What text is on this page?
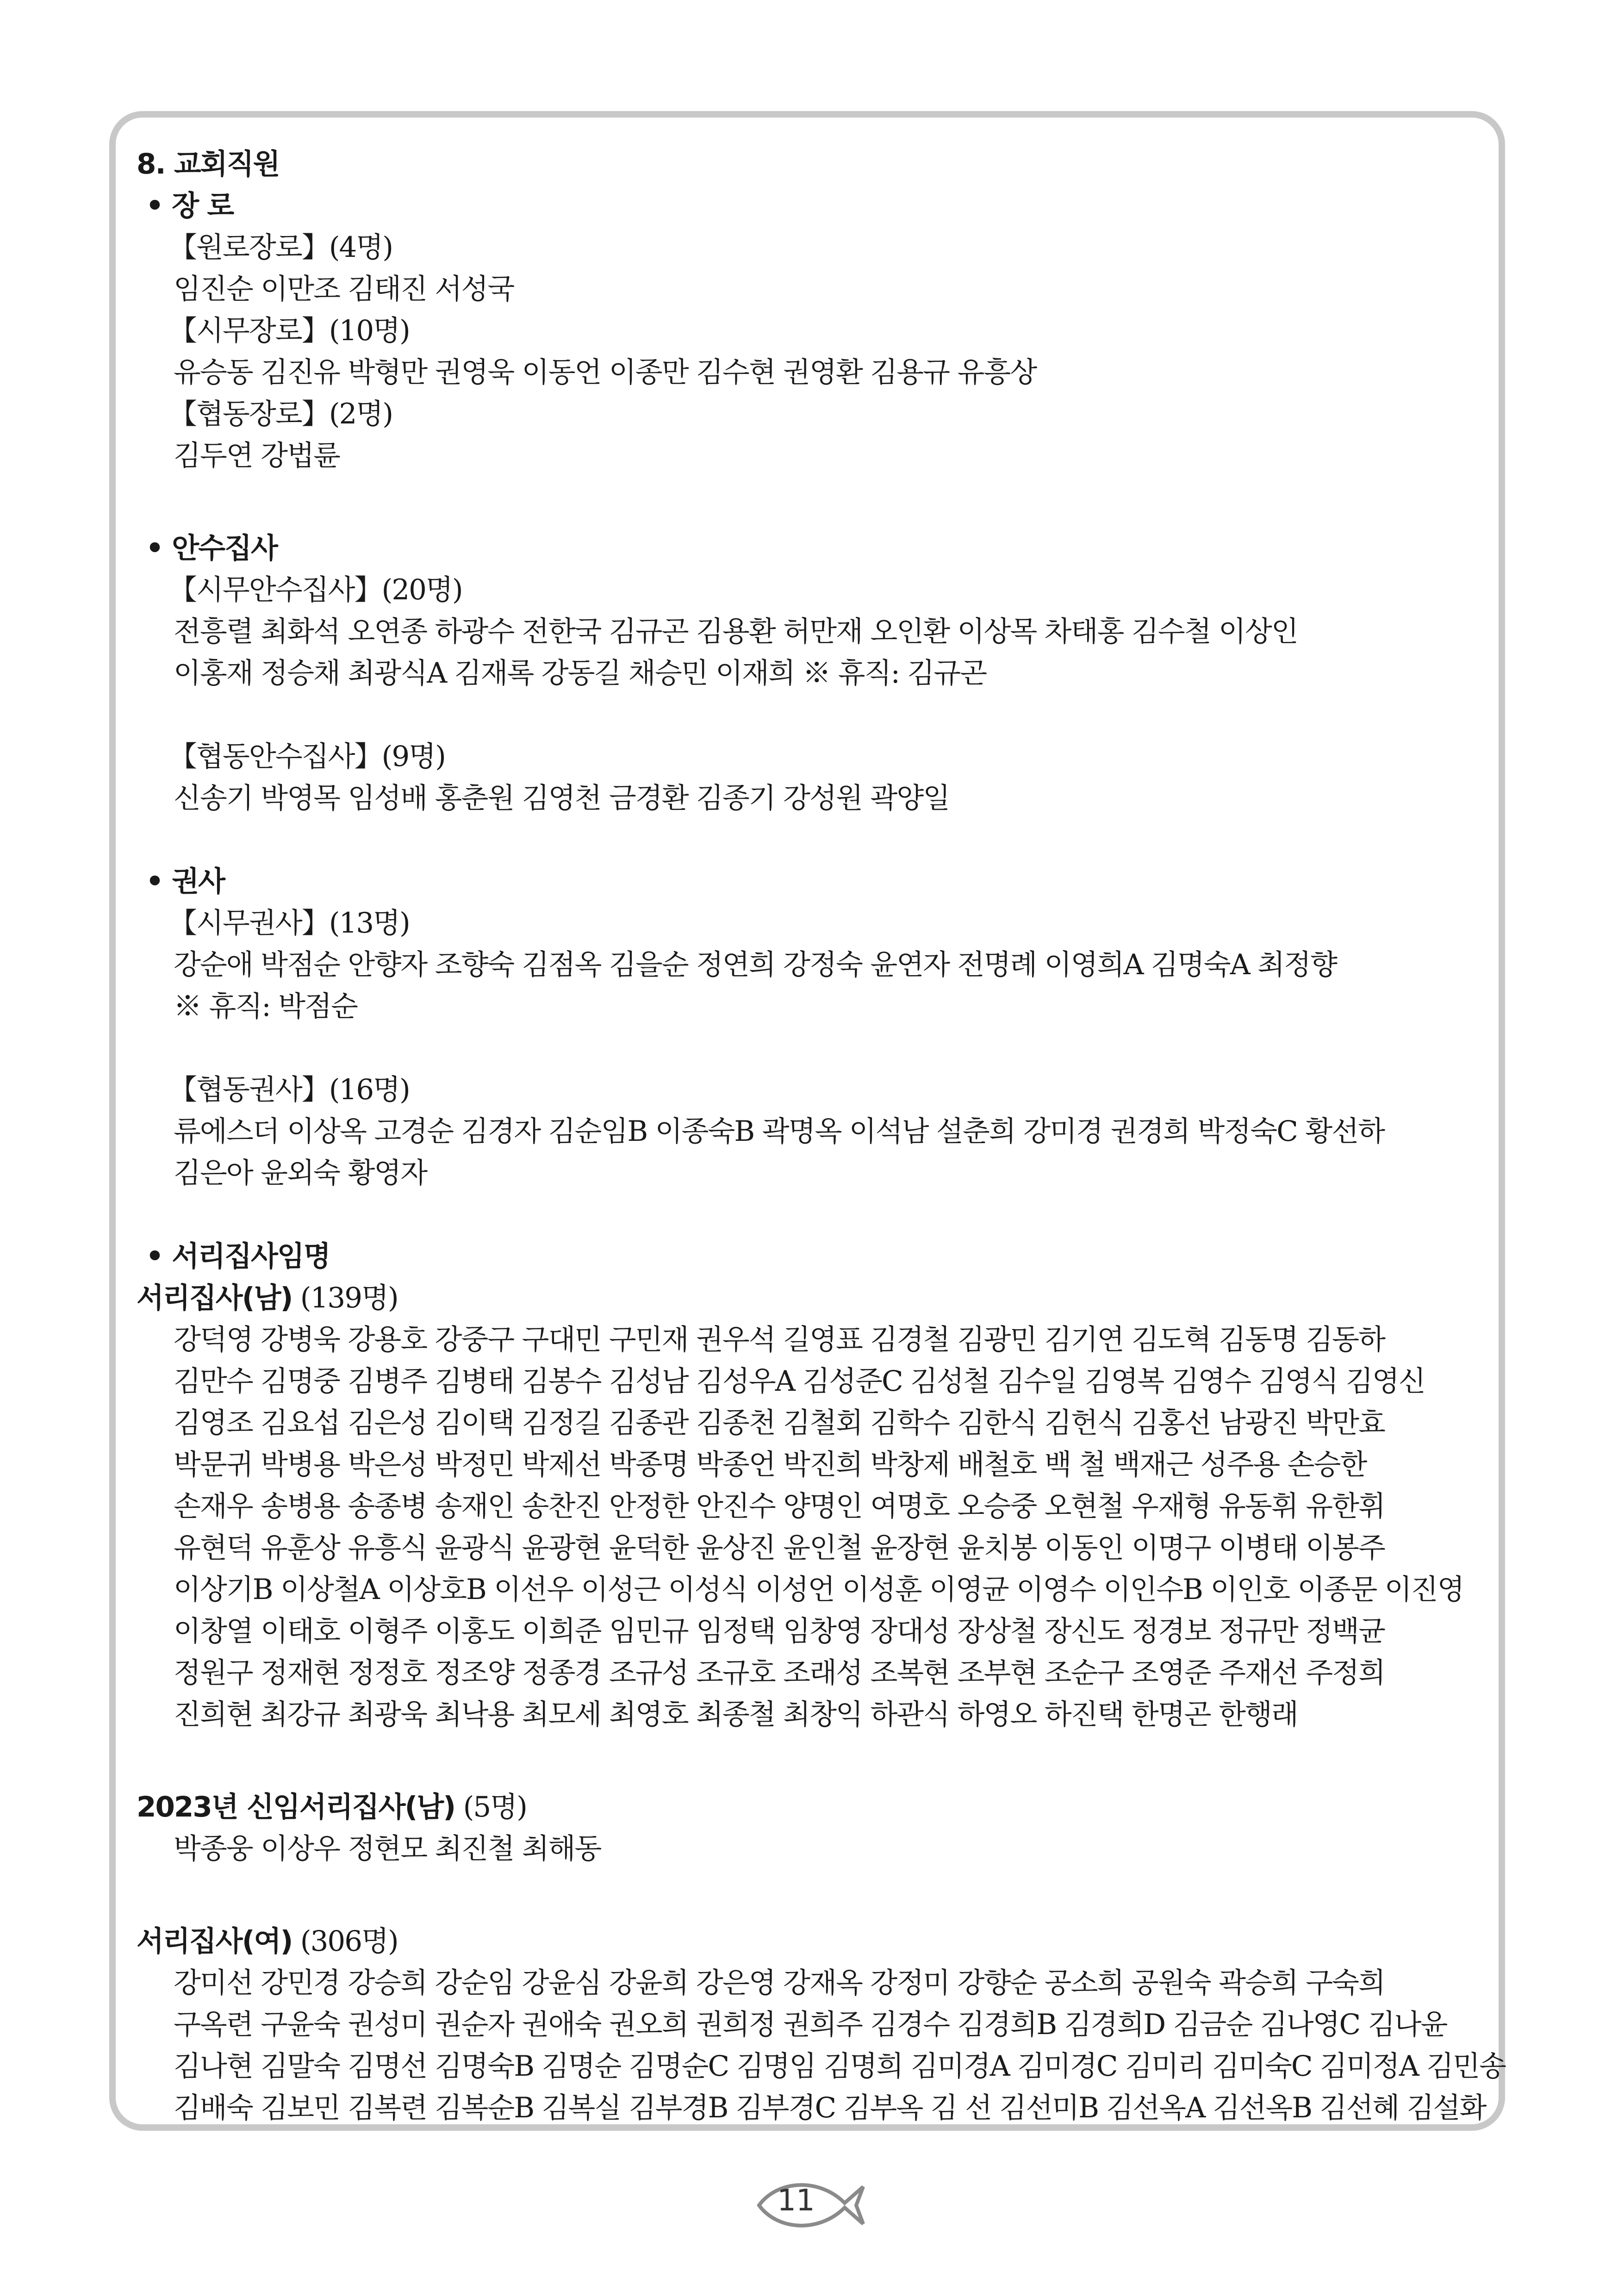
8. 교회직원
• 장 로
【원로장로】(4명)
임진순 이만조 김태진 서성국
【시무장로】(10명)
유승동 김진유 박형만 권영욱 이동언 이종만 김수현 권영환 김용규 유흥상
【협동장로】(2명)
김두연 강법륜
• 안수집사
【시무안수집사】(20명)
전흥렬 최화석 오연종 하광수 전한국 김규곤 김용환 허만재 오인환 이상목 차태홍 김수철 이상인
이홍재 정승채 최광식A 김재록 강동길 채승민 이재희 ※ 휴직: 김규곤
【협동안수집사】(9명)
신송기 박영목 임성배 홍춘원 김영천 금경환 김종기 강성원 곽양일
• 권사
【시무권사】(13명)
강순애 박점순 안향자 조향숙 김점옥 김을순 정연희 강정숙 윤연자 전명례 이영희A 김명숙A 최정향
※ 휴직: 박점순
【협동권사】(16명)
류에스더 이상옥 고경순 김경자 김순임B 이종숙B 곽명옥 이석남 설춘희 강미경 권경희 박정숙C 황선하
김은아 윤외숙 황영자
• 서리집사임명
서리집사(남) (139명)
강덕영 강병욱 강용호 강중구 구대민 구민재 권우석 길영표 김경철 김광민 김기연 김도혁 김동명 김동하
김만수 김명중 김병주 김병태 김봉수 김성남 김성우A 김성준C 김성철 김수일 김영복 김영수 김영식 김영신
김영조 김요섭 김은성 김이택 김정길 김종관 김종천 김철회 김학수 김한식 김헌식 김홍선 남광진 박만효
박문귀 박병용 박은성 박정민 박제선 박종명 박종언 박진희 박창제 배철호 백 철 백재근 성주용 손승한
손재우 송병용 송종병 송재인 송찬진 안정한 안진수 양명인 여명호 오승중 오현철 우재형 유동휘 유한휘
유현덕 유훈상 유흥식 윤광식 윤광현 윤덕한 윤상진 윤인철 윤장현 윤치봉 이동인 이명구 이병태 이봉주
이상기B 이상철A 이상호B 이선우 이성근 이성식 이성언 이성훈 이영균 이영수 이인수B 이인호 이종문 이진영
이창열 이태호 이형주 이홍도 이희준 임민규 임정택 임창영 장대성 장상철 장신도 정경보 정규만 정백균
정원구 정재현 정정호 정조양 정종경 조규성 조규호 조래성 조복현 조부현 조순구 조영준 주재선 주정희
진희현 최강규 최광욱 최낙용 최모세 최영호 최종철 최창익 하관식 하영오 하진택 한명곤 한행래
2023년 신임서리집사(남) (5명)
박종웅 이상우 정현모 최진철 최해동
서리집사(여) (306명)
강미선 강민경 강승희 강순임 강윤심 강윤희 강은영 강재옥 강정미 강향순 공소희 공원숙 곽승희 구숙희
구옥련 구윤숙 권성미 권순자 권애숙 권오희 권희정 권희주 김경수 김경희B 김경희D 김금순 김나영C 김나윤
김나현 김말숙 김명선 김명숙B 김명순 김명순C 김명임 김명희 김미경A 김미경C 김미리 김미숙C 김미정A 김민송
김배숙 김보민 김복련 김복순B 김복실 김부경B 김부경C 김부옥 김 선 김선미B 김선옥A 김선옥B 김선혜 김설화
11
